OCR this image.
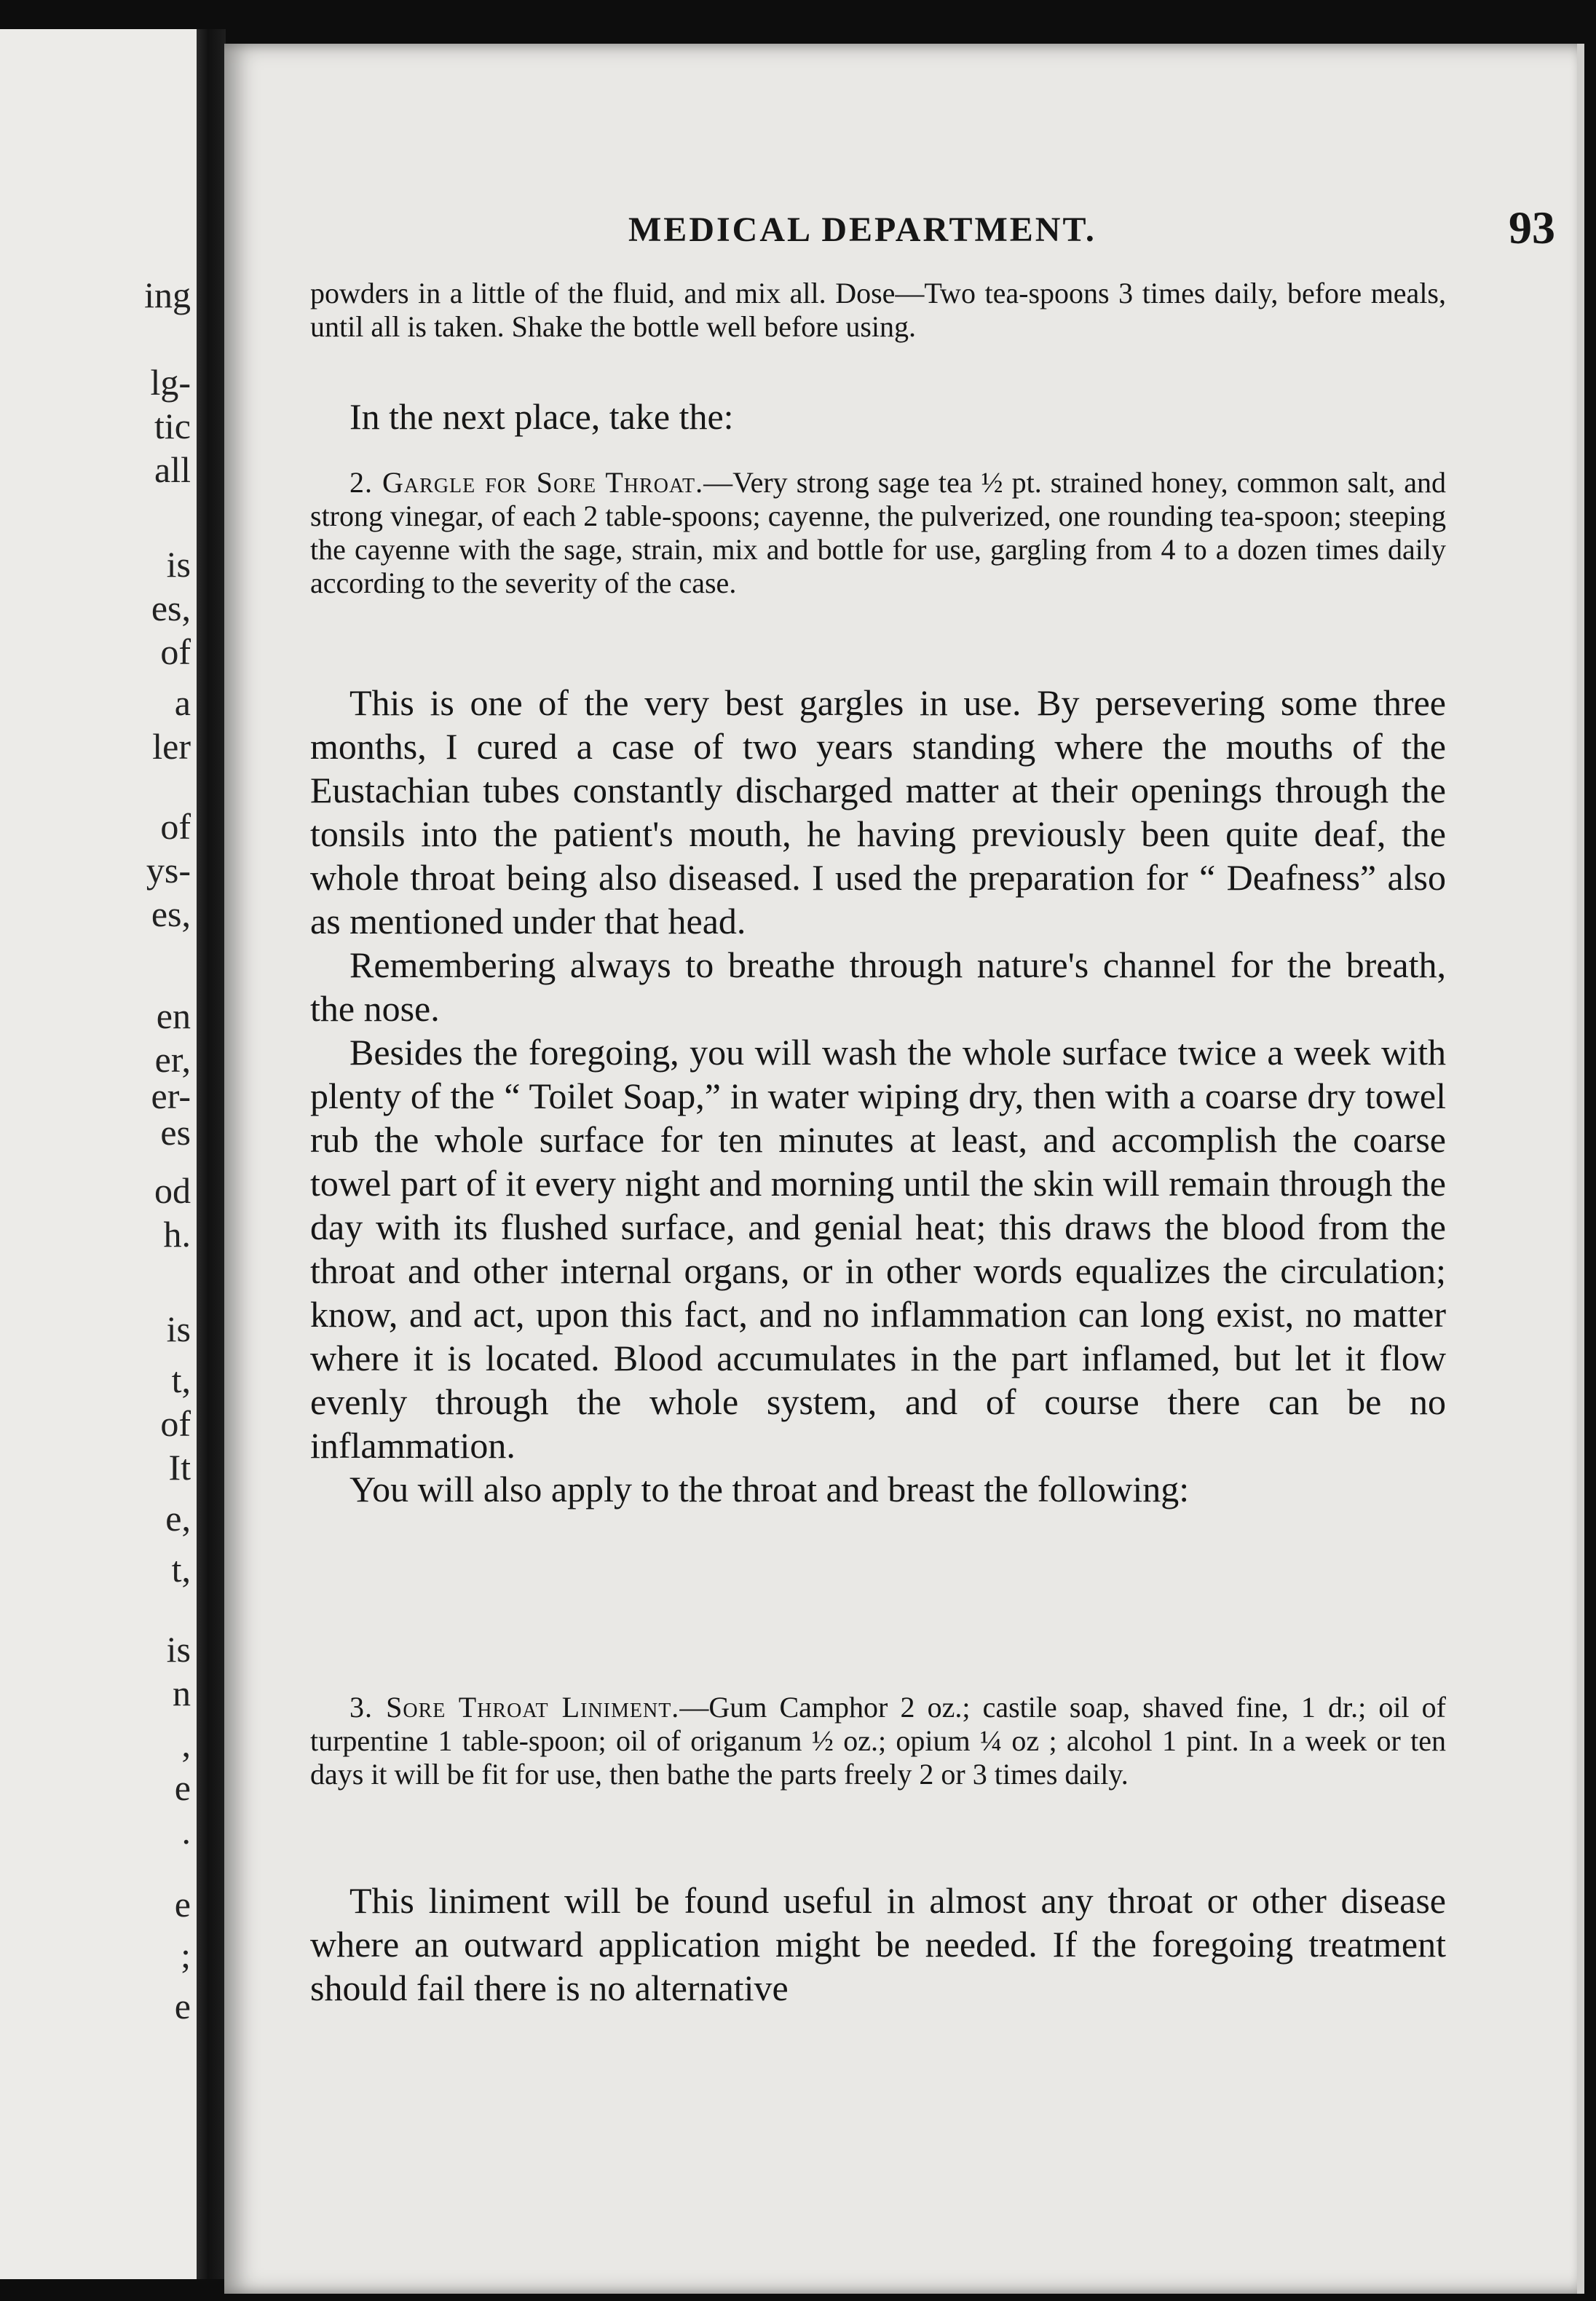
ing
lg-
tic
all
is
es,
of
a
ler
of
ys-
es,
en
er,
er-
es
od
h.
is
t,
of
It
e,
t,
is
n
,
e
.
e
;
e
MEDICAL DEPARTMENT.	93

powders in a little of the fluid, and mix all. Dose—Two tea-spoons 3 times daily, before meals, until all is taken. Shake the bottle well before using.

In the next place, take the:

2. Gargle for Sore Throat.—Very strong sage tea ½ pt. strained honey, common salt, and strong vinegar, of each 2 table-spoons; cayenne, the pulverized, one rounding tea-spoon; steeping the cayenne with the sage, strain, mix and bottle for use, gargling from 4 to a dozen times daily according to the severity of the case.

This is one of the very best gargles in use. By persevering some three months, I cured a case of two years standing where the mouths of the Eustachian tubes constantly discharged matter at their openings through the tonsils into the patient's mouth, he having previously been quite deaf, the whole throat being also diseased. I used the preparation for “ Deafness” also as mentioned under that head.

Remembering always to breathe through nature's channel for the breath, the nose.

Besides the foregoing, you will wash the whole surface twice a week with plenty of the “ Toilet Soap,” in water wiping dry, then with a coarse dry towel rub the whole surface for ten minutes at least, and accomplish the coarse towel part of it every night and morning until the skin will remain through the day with its flushed surface, and genial heat; this draws the blood from the throat and other internal organs, or in other words equalizes the circulation; know, and act, upon this fact, and no inflammation can long exist, no matter where it is located. Blood accumulates in the part inflamed, but let it flow evenly through the whole system, and of course there can be no inflammation.

You will also apply to the throat and breast the following:

3. Sore Throat Liniment.—Gum Camphor 2 oz.; castile soap, shaved fine, 1 dr.; oil of turpentine 1 table-spoon; oil of origanum ½ oz.; opium ¼ oz ; alcohol 1 pint. In a week or ten days it will be fit for use, then bathe the parts freely 2 or 3 times daily.

This liniment will be found useful in almost any throat or other disease where an outward application might be needed. If the foregoing treatment should fail there is no alternative
